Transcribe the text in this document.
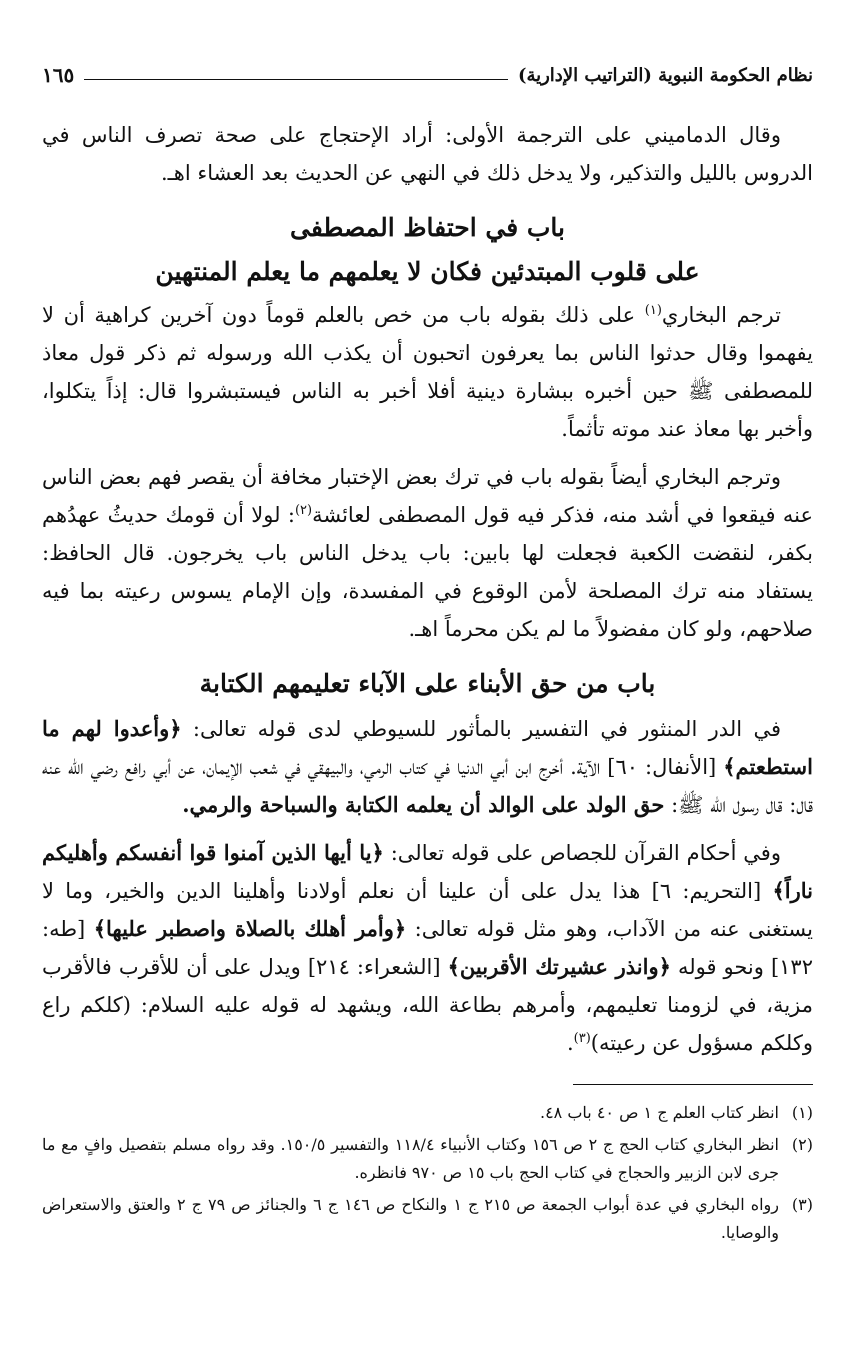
نظام الحكومة النبوية (التراتيب الإدارية)
١٦٥

وقال الدماميني على الترجمة الأولى: أراد الإحتجاج على صحة تصرف الناس في الدروس بالليل والتذكير، ولا يدخل ذلك في النهي عن الحديث بعد العشاء اهـ.

باب في احتفاظ المصطفى

على قلوب المبتدئين فكان لا يعلمهم ما يعلم المنتهين

ترجم البخاري$^{(١)}$ على ذلك بقوله باب من خص بالعلم قوماً دون آخرين كراهية أن لا يفهموا وقال حدثوا الناس بما يعرفون اتحبون أن يكذب الله ورسوله ثم ذكر قول معاذ للمصطفى ﷺ حين أخبره ببشارة دينية أفلا أخبر به الناس فيستبشروا قال: إذاً يتكلوا، وأخبر بها معاذ عند موته تأثماً.

وترجم البخاري أيضاً بقوله باب في ترك بعض الإختبار مخافة أن يقصر فهم بعض الناس عنه فيقعوا في أشد منه، فذكر فيه قول المصطفى لعائشة$^{(٢)}$: لولا أن قومك حديثُ عهدُهم بكفر، لنقضت الكعبة فجعلت لها بابين: باب يدخل الناس باب يخرجون. قال الحافظ: يستفاد منه ترك المصلحة لأمن الوقوع في المفسدة، وإن الإمام يسوس رعيته بما فيه صلاحهم، ولو كان مفضولاً ما لم يكن محرماً اهـ.

باب من حق الأبناء على الآباء تعليمهم الكتابة

في الدر المنثور في التفسير بالمأثور للسيوطي لدى قوله تعالى: ﴿وأعدوا لهم ما استطعتم﴾ [الأنفال: ٦٠] الآية. أخرج ابن أبي الدنيا في كتاب الرمي، والبيهقي في شعب الإيمان، عن أبي رافع رضي الله عنه قال: قال رسول الله ﷺ: حق الولد على الوالد أن يعلمه الكتابة والسباحة والرمي.

وفي أحكام القرآن للجصاص على قوله تعالى: ﴿يا أيها الذين آمنوا قوا أنفسكم وأهليكم ناراً﴾ [التحريم: ٦] هذا يدل على أن علينا أن نعلم أولادنا وأهلينا الدين والخير، وما لا يستغنى عنه من الآداب، وهو مثل قوله تعالى: ﴿وأمر أهلك بالصلاة واصطبر عليها﴾ [طه: ١٣٢] ونحو قوله ﴿وانذر عشيرتك الأقربين﴾ [الشعراء: ٢١٤] ويدل على أن للأقرب فالأقرب مزية، في لزومنا تعليمهم، وأمرهم بطاعة الله، ويشهد له قوله عليه السلام: (كلكم راع وكلكم مسؤول عن رعيته)$^{(٣)}$.

(١)انظر كتاب العلم ج ١ ص ٤٠ باب ٤٨.

(٢)انظر البخاري كتاب الحج ج ٢ ص ١٥٦ وكتاب الأنبياء ١١٨/٤ والتفسير ١٥٠/٥. وقد رواه مسلم بتفصيل وافٍ مع ما جرى لابن الزبير والحجاج في كتاب الحج باب ١٥ ص ٩٧٠ فانظره.

(٣)رواه البخاري في عدة أبواب الجمعة ص ٢١٥ ج ١ والنكاح ص ١٤٦ ج ٦ والجنائز ص ٧٩ ج ٢ والعتق والاستعراض والوصايا.
